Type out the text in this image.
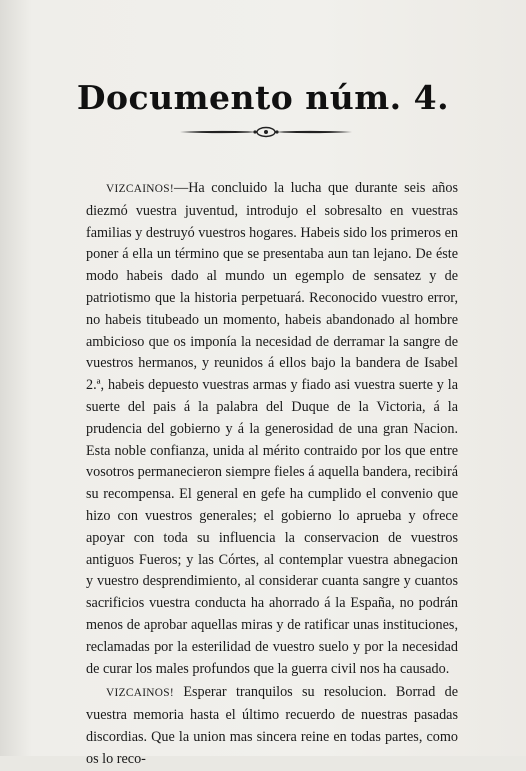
Documento núm. 4.

VIZCAINOS!—Ha concluido la lucha que durante seis años diezmó vuestra juventud, introdujo el sobresalto en vuestras familias y destruyó vuestros hogares. Habeis sido los primeros en poner á ella un término que se presentaba aun tan lejano. De éste modo habeis dado al mundo un egemplo de sensatez y de patriotismo que la historia perpetuará. Reconocido vuestro error, no habeis titubeado un momento, habeis abandonado al hombre ambicioso que os imponía la necesidad de derramar la sangre de vuestros hermanos, y reunidos á ellos bajo la bandera de Isabel 2.ª, habeis depuesto vuestras armas y fiado asi vuestra suerte y la suerte del pais á la palabra del Duque de la Victoria, á la prudencia del gobierno y á la generosidad de una gran Nacion. Esta noble confianza, unida al mérito contraido por los que entre vosotros permanecieron siempre fieles á aquella bandera, recibirá su recompensa. El general en gefe ha cumplido el convenio que hizo con vuestros generales; el gobierno lo aprueba y ofrece apoyar con toda su influencia la conservacion de vuestros antiguos Fueros; y las Córtes, al contemplar vuestra abnegacion y vuestro desprendimiento, al considerar cuanta sangre y cuantos sacrificios vuestra conducta ha ahorrado á la España, no podrán menos de aprobar aquellas miras y de ratificar unas instituciones, reclamadas por la esterilidad de vuestro suelo y por la necesidad de curar los males profundos que la guerra civil nos ha causado.

VIZCAINOS! Esperar tranquilos su resolucion. Borrad de vuestra memoria hasta el último recuerdo de nuestras pasadas discordias. Que la union mas sincera reine en todas partes, como os lo reco-
